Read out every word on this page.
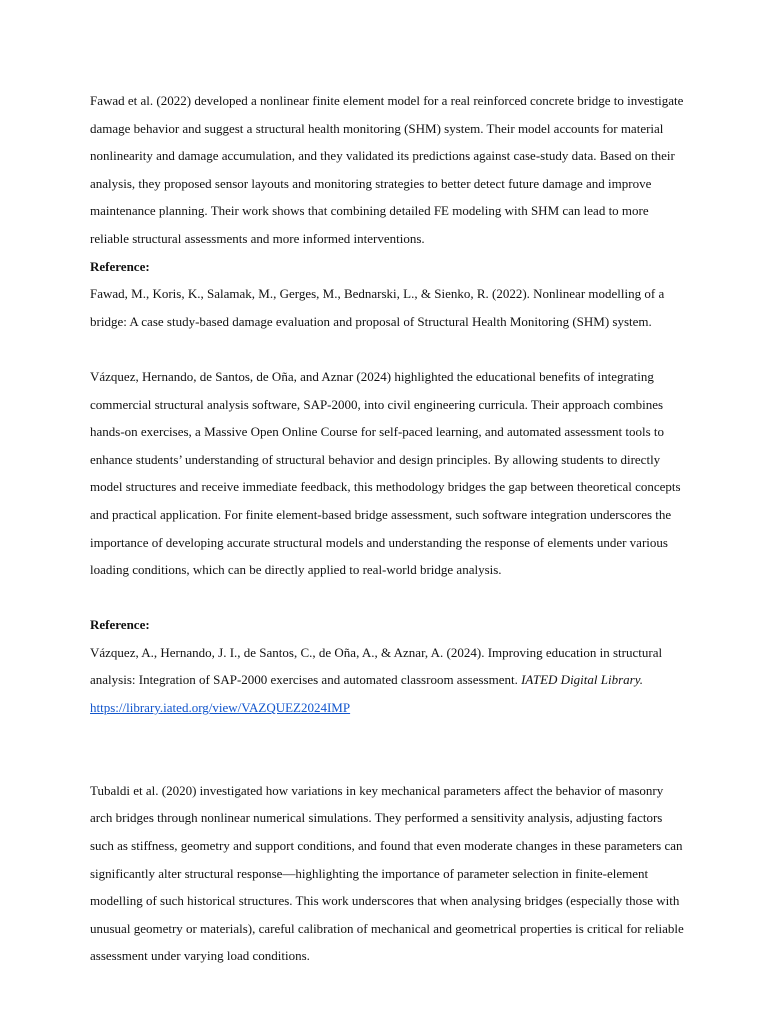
Fawad et al. (2022) developed a nonlinear finite element model for a real reinforced concrete bridge to investigate

damage behavior and suggest a structural health monitoring (SHM) system. Their model accounts for material

nonlinearity and damage accumulation, and they validated its predictions against case-study data. Based on their

analysis, they proposed sensor layouts and monitoring strategies to better detect future damage and improve

maintenance planning. Their work shows that combining detailed FE modeling with SHM can lead to more

reliable structural assessments and more informed interventions.

Reference:

Fawad, M., Koris, K., Salamak, M., Gerges, M., Bednarski, L., & Sienko, R. (2022). Nonlinear modelling of a

bridge: A case study-based damage evaluation and proposal of Structural Health Monitoring (SHM) system.

Vázquez, Hernando, de Santos, de Oña, and Aznar (2024) highlighted the educational benefits of integrating

commercial structural analysis software, SAP-2000, into civil engineering curricula. Their approach combines

hands-on exercises, a Massive Open Online Course for self-paced learning, and automated assessment tools to

enhance students’ understanding of structural behavior and design principles. By allowing students to directly

model structures and receive immediate feedback, this methodology bridges the gap between theoretical concepts

and practical application. For finite element-based bridge assessment, such software integration underscores the

importance of developing accurate structural models and understanding the response of elements under various

loading conditions, which can be directly applied to real-world bridge analysis.

Reference:

Vázquez, A., Hernando, J. I., de Santos, C., de Oña, A., & Aznar, A. (2024). Improving education in structural

analysis: Integration of SAP-2000 exercises and automated classroom assessment. IATED Digital Library.

https://library.iated.org/view/VAZQUEZ2024IMP

Tubaldi et al. (2020) investigated how variations in key mechanical parameters affect the behavior of masonry

arch bridges through nonlinear numerical simulations. They performed a sensitivity analysis, adjusting factors

such as stiffness, geometry and support conditions, and found that even moderate changes in these parameters can

significantly alter structural response—highlighting the importance of parameter selection in finite-element

modelling of such historical structures. This work underscores that when analysing bridges (especially those with

unusual geometry or materials), careful calibration of mechanical and geometrical properties is critical for reliable

assessment under varying load conditions.
